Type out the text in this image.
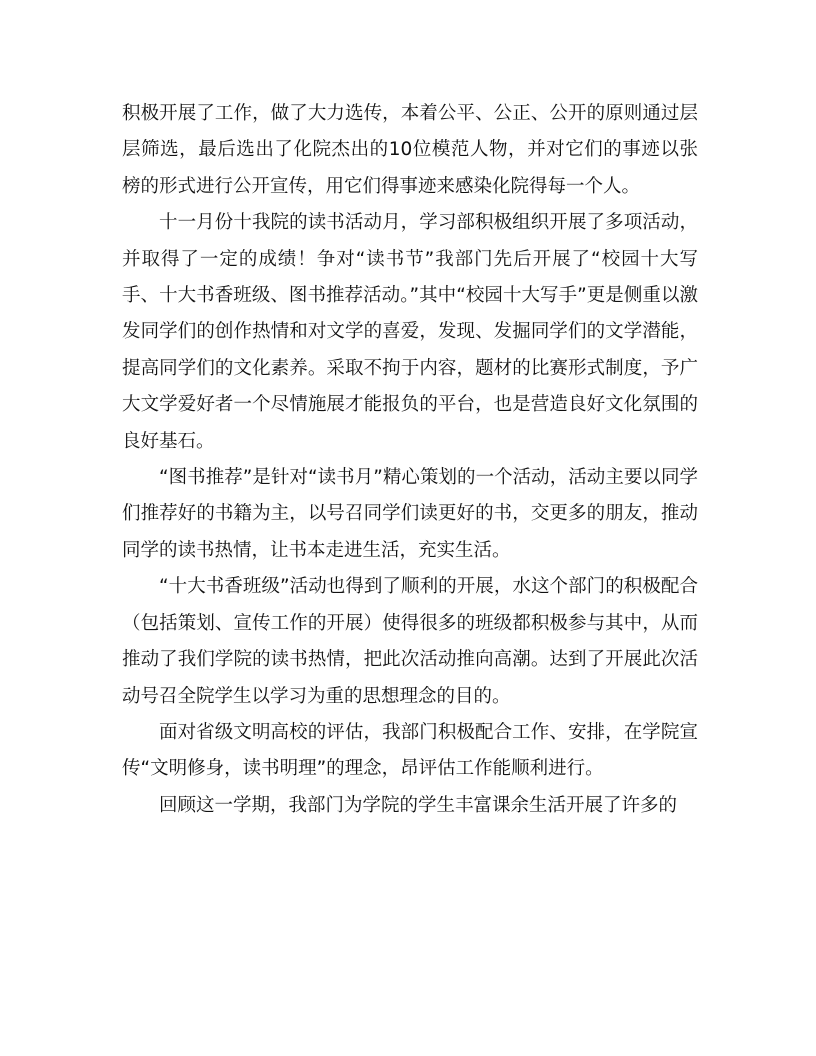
积极开展了工作，做了大力选传，本着公平、公正、公开的原则通过层层筛选，最后选出了化院杰出的10位模范人物，并对它们的事迹以张榜的形式进行公开宣传，用它们得事迹来感染化院得每一个人。

十一月份十我院的读书活动月，学习部积极组织开展了多项活动，并取得了一定的成绩！争对“读书节”我部门先后开展了“校园十大写手、十大书香班级、图书推荐活动。”其中“校园十大写手”更是侧重以激发同学们的创作热情和对文学的喜爱，发现、发掘同学们的文学潜能，提高同学们的文化素养。采取不拘于内容，题材的比赛形式制度，予广大文学爱好者一个尽情施展才能报负的平台，也是营造良好文化氛围的良好基石。

“图书推荐”是针对“读书月”精心策划的一个活动，活动主要以同学们推荐好的书籍为主，以号召同学们读更好的书，交更多的朋友，推动同学的读书热情，让书本走进生活，充实生活。

“十大书香班级”活动也得到了顺利的开展，水这个部门的积极配合（包括策划、宣传工作的开展）使得很多的班级都积极参与其中，从而推动了我们学院的读书热情，把此次活动推向高潮。达到了开展此次活动号召全院学生以学习为重的思想理念的目的。

面对省级文明高校的评估，我部门积极配合工作、安排，在学院宣传“文明修身，读书明理”的理念，昂评估工作能顺利进行。

回顾这一学期，我部门为学院的学生丰富课余生活开展了许多的
